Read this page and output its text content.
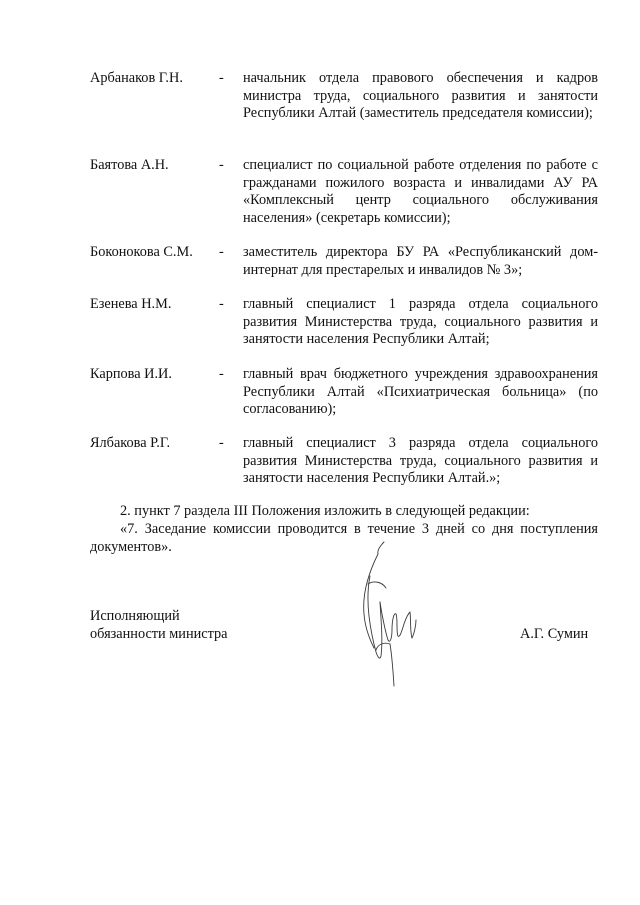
Арбанаков Г.Н.	- начальник отдела правового обеспечения и кадров министра труда, социального развития и занятости Республики Алтай (заместитель председателя комиссии);
Баятова А.Н.	- специалист по социальной работе отделения по работе с гражданами пожилого возраста и инвалидами АУ РА «Комплексный центр социального обслуживания населения» (секретарь комиссии);
Боконокова С.М.	- заместитель директора БУ РА «Республиканский дом-интернат для престарелых и инвалидов № 3»;
Езенева Н.М.	- главный специалист 1 разряда отдела социального развития Министерства труда, социального развития и занятости населения Республики Алтай;
Карпова И.И.	- главный врач бюджетного учреждения здравоохранения Республики Алтай «Психиатрическая больница» (по согласованию);
Ялбакова Р.Г.	- главный специалист 3 разряда отдела социального развития Министерства труда, социального развития и занятости населения Республики Алтай.»;
2. пункт 7 раздела III Положения изложить в следующей редакции:
«7. Заседание комиссии проводится в течение 3 дней со дня поступления документов».
Исполняющий
обязанности министра	А.Г. Сумин
